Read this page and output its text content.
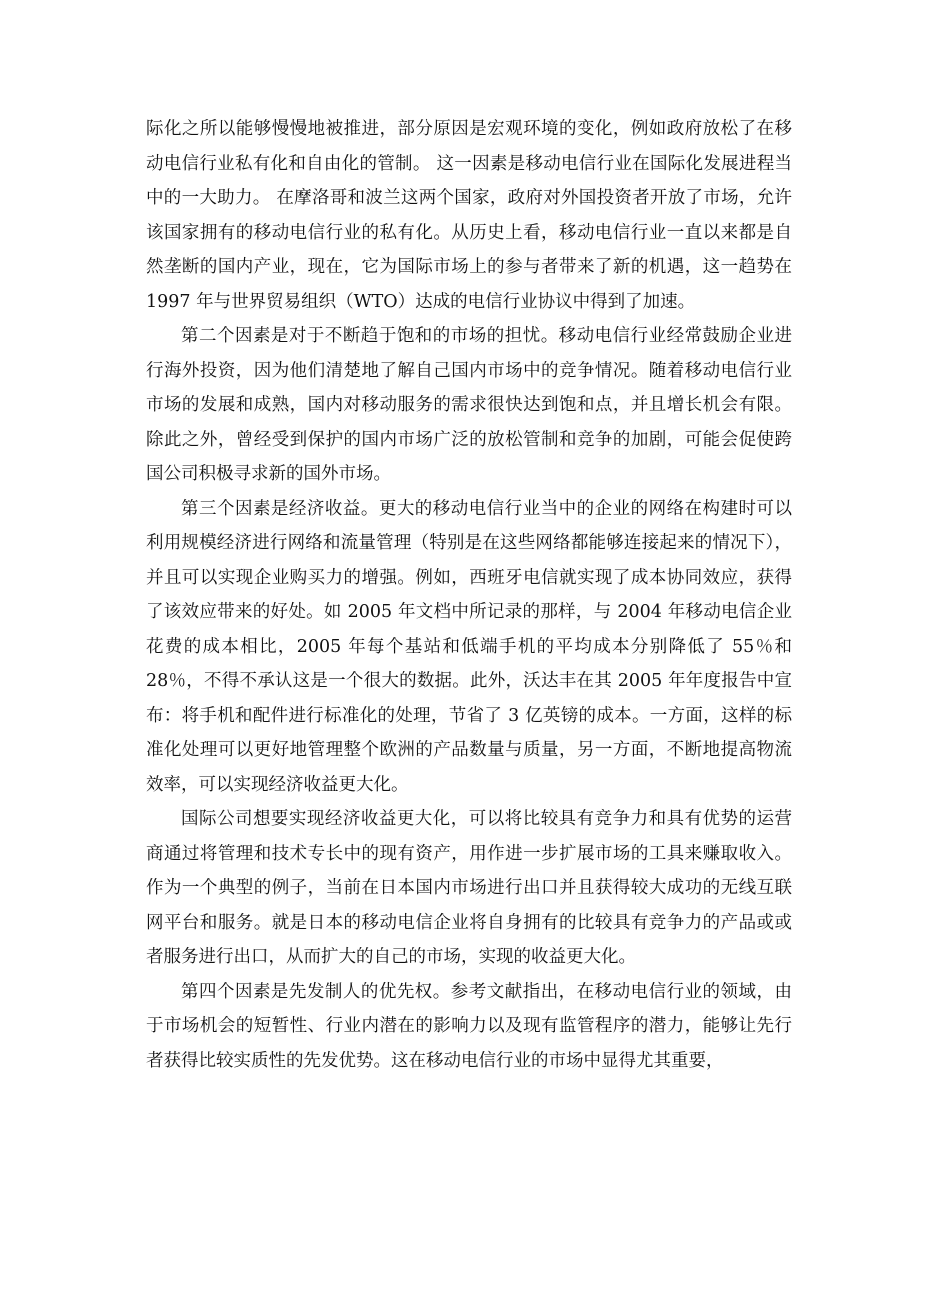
际化之所以能够慢慢地被推进，部分原因是宏观环境的变化，例如政府放松了在移动电信行业私有化和自由化的管制。 这一因素是移动电信行业在国际化发展进程当中的一大助力。 在摩洛哥和波兰这两个国家，政府对外国投资者开放了市场，允许该国家拥有的移动电信行业的私有化。从历史上看，移动电信行业一直以来都是自然垄断的国内产业，现在，它为国际市场上的参与者带来了新的机遇，这一趋势在 1997 年与世界贸易组织（WTO）达成的电信行业协议中得到了加速。

第二个因素是对于不断趋于饱和的市场的担忧。移动电信行业经常鼓励企业进行海外投资，因为他们清楚地了解自己国内市场中的竞争情况。随着移动电信行业市场的发展和成熟，国内对移动服务的需求很快达到饱和点，并且增长机会有限。除此之外，曾经受到保护的国内市场广泛的放松管制和竞争的加剧，可能会促使跨国公司积极寻求新的国外市场。

第三个因素是经济收益。更大的移动电信行业当中的企业的网络在构建时可以利用规模经济进行网络和流量管理（特别是在这些网络都能够连接起来的情况下），并且可以实现企业购买力的增强。例如，西班牙电信就实现了成本协同效应，获得了该效应带来的好处。如 2005 年文档中所记录的那样，与 2004 年移动电信企业花费的成本相比，2005 年每个基站和低端手机的平均成本分别降低了 55％和 28％，不得不承认这是一个很大的数据。此外，沃达丰在其 2005 年年度报告中宣布：将手机和配件进行标准化的处理，节省了 3 亿英镑的成本。一方面，这样的标准化处理可以更好地管理整个欧洲的产品数量与质量，另一方面，不断地提高物流效率，可以实现经济收益更大化。

国际公司想要实现经济收益更大化，可以将比较具有竞争力和具有优势的运营商通过将管理和技术专长中的现有资产，用作进一步扩展市场的工具来赚取收入。作为一个典型的例子，当前在日本国内市场进行出口并且获得较大成功的无线互联网平台和服务。就是日本的移动电信企业将自身拥有的比较具有竞争力的产品或或者服务进行出口，从而扩大的自己的市场，实现的收益更大化。

第四个因素是先发制人的优先权。参考文献指出，在移动电信行业的领域，由于市场机会的短暂性、行业内潜在的影响力以及现有监管程序的潜力，能够让先行者获得比较实质性的先发优势。这在移动电信行业的市场中显得尤其重要，
